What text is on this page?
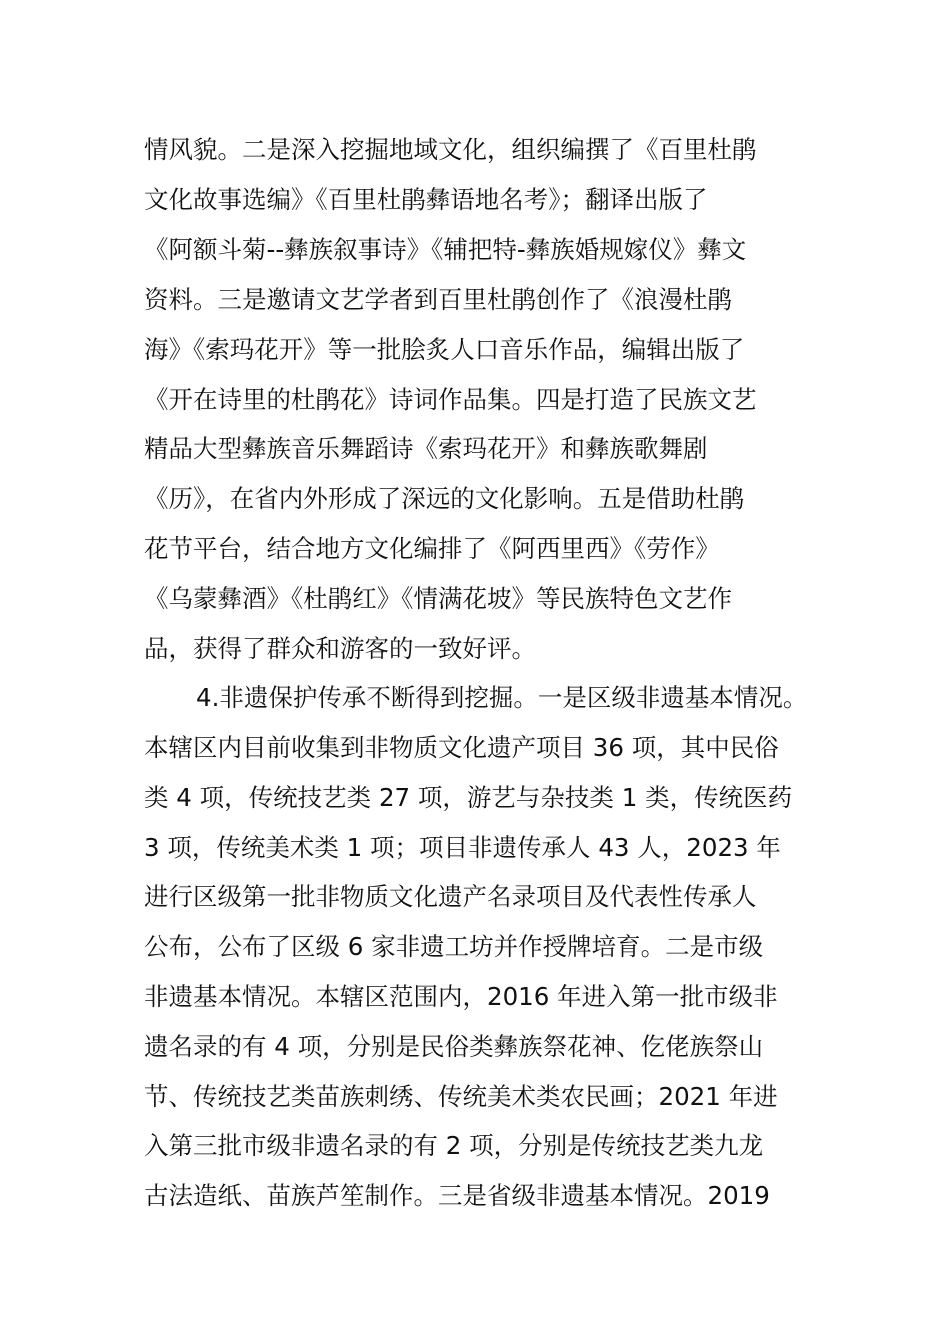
情风貌。二是深入挖掘地域文化，组织编撰了《百里杜鹃
文化故事选编》《百里杜鹃彝语地名考》；翻译出版了
《阿额斗菊--彝族叙事诗》《辅把特-彝族婚规嫁仪》彝文
资料。三是邀请文艺学者到百里杜鹃创作了《浪漫杜鹃
海》《索玛花开》等一批脍炙人口音乐作品，编辑出版了
《开在诗里的杜鹃花》诗词作品集。四是打造了民族文艺
精品大型彝族音乐舞蹈诗《索玛花开》和彝族歌舞剧
《历》，在省内外形成了深远的文化影响。五是借助杜鹃
花节平台，结合地方文化编排了《阿西里西》《劳作》
《乌蒙彝酒》《杜鹃红》《情满花坡》等民族特色文艺作
品，获得了群众和游客的一致好评。
4.非遗保护传承不断得到挖掘。一是区级非遗基本情况。
本辖区内目前收集到非物质文化遗产项目 36 项，其中民俗
类 4 项，传统技艺类 27 项，游艺与杂技类 1 类，传统医药
3 项，传统美术类 1 项；项目非遗传承人 43 人，2023 年
进行区级第一批非物质文化遗产名录项目及代表性传承人
公布，公布了区级 6 家非遗工坊并作授牌培育。二是市级
非遗基本情况。本辖区范围内，2016 年进入第一批市级非
遗名录的有 4 项，分别是民俗类彝族祭花神、仡佬族祭山
节、传统技艺类苗族刺绣、传统美术类农民画；2021 年进
入第三批市级非遗名录的有 2 项，分别是传统技艺类九龙
古法造纸、苗族芦笙制作。三是省级非遗基本情况。2019
